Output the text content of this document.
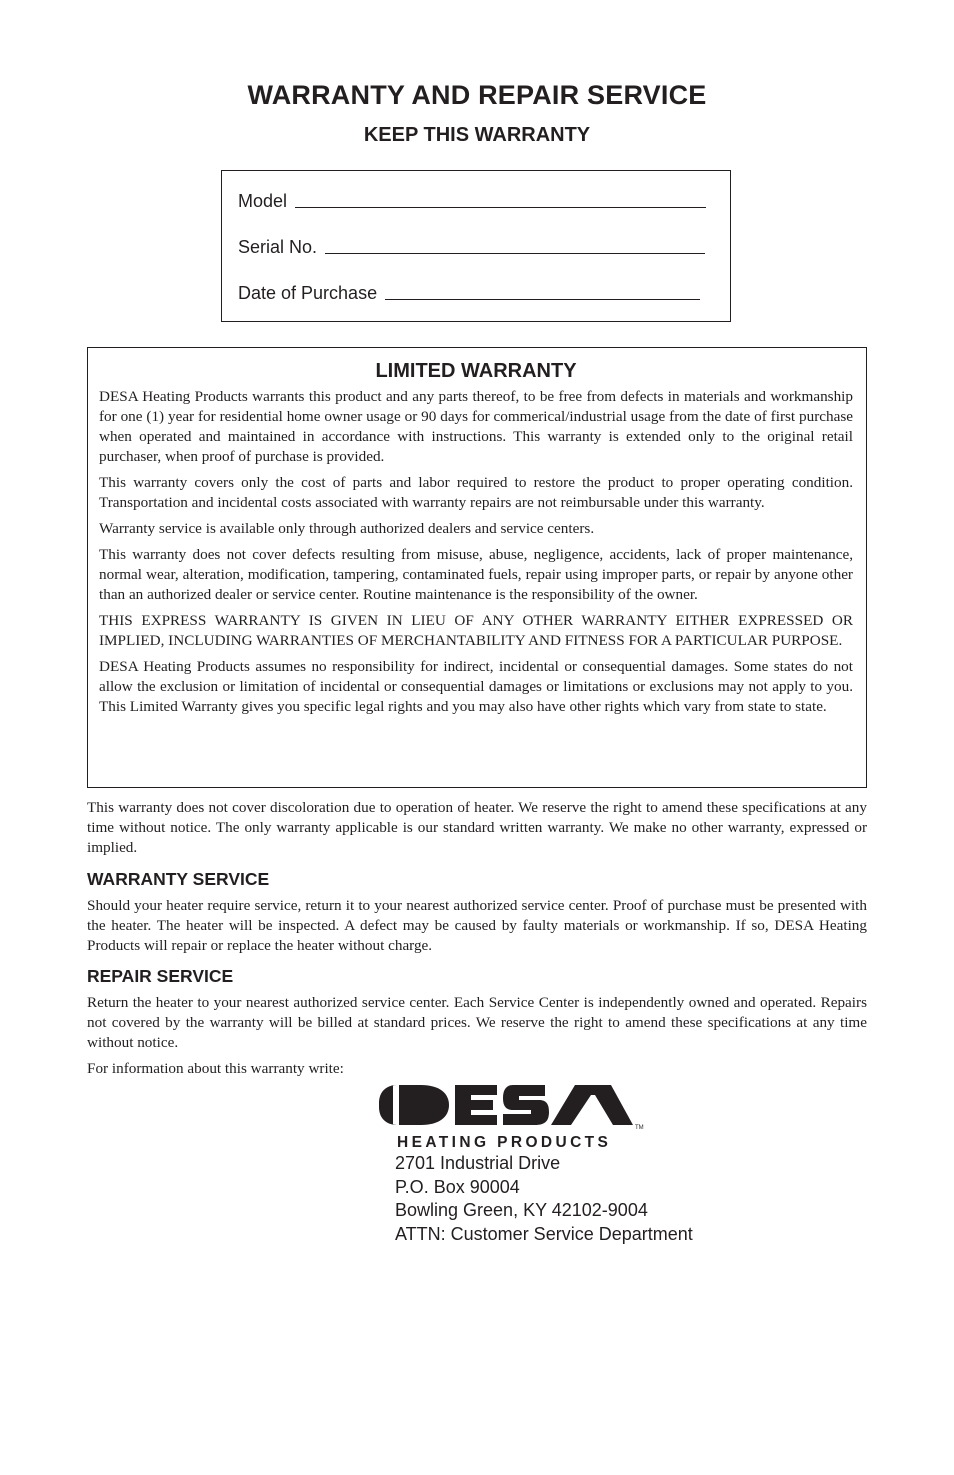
WARRANTY AND REPAIR SERVICE
KEEP THIS WARRANTY
Model
Serial No.
Date of Purchase
LIMITED WARRANTY

DESA Heating Products warrants this product and any parts thereof, to be free from defects in materials and workmanship for one (1) year for residential home owner usage or 90 days for commerical/industrial usage from the date of first purchase when operated and maintained in accordance with instructions. This warranty is extended only to the original retail purchaser, when proof of purchase is provided.

This warranty covers only the cost of parts and labor required to restore the product to proper operating condition. Transportation and incidental costs associated with warranty repairs are not reimbursable under this warranty.

Warranty service is available only through authorized dealers and service centers.

This warranty does not cover defects resulting from misuse, abuse, negligence, accidents, lack of proper maintenance, normal wear, alteration, modification, tampering, contaminated fuels, repair using improper parts, or repair by anyone other than an authorized dealer or service center. Routine maintenance is the responsibility of the owner.

THIS EXPRESS WARRANTY IS GIVEN IN LIEU OF ANY OTHER WARRANTY EITHER EXPRESSED OR IMPLIED, INCLUDING WARRANTIES OF MERCHANTABILITY AND FITNESS FOR A PARTICULAR PURPOSE.

DESA Heating Products assumes no responsibility for indirect, incidental or consequential damages. Some states do not allow the exclusion or limitation of incidental or consequential damages or limitations or exclusions may not apply to you. This Limited Warranty gives you specific legal rights and you may also have other rights which vary from state to state.

This warranty does not cover discoloration due to operation of heater. We reserve the right to amend these specifications at any time without notice. The only warranty applicable is our standard written warranty. We make no other warranty, expressed or implied.

WARRANTY SERVICE

Should your heater require service, return it to your nearest authorized service center. Proof of purchase must be presented with the heater. The heater will be inspected. A defect may be caused by faulty materials or workmanship. If so, DESA Heating Products will repair or replace the heater without charge.

REPAIR SERVICE

Return the heater to your nearest authorized service center. Each Service Center is independently owned and operated. Repairs not covered by the warranty will be billed at standard prices. We reserve the right to amend these specifications at any time without notice.

For information about this warranty write:

TM
HEATING PRODUCTS
2701 Industrial Drive
P.O. Box 90004
Bowling Green, KY 42102-9004
ATTN: Customer Service Department
